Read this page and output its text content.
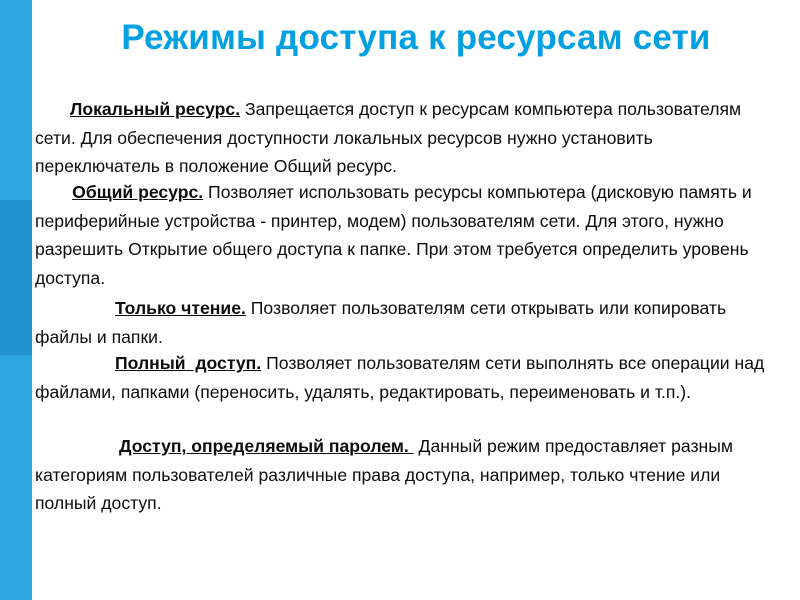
Режимы доступа к ресурсам сети
Локальный ресурс. Запрещается доступ к ресурсам компьютера пользователям сети. Для обеспечения доступности локальных ресурсов нужно установить переключатель в положение Общий ресурс.
Общий ресурс. Позволяет использовать ресурсы компьютера (дисковую память и периферийные устройства - принтер, модем) пользователям сети. Для этого, нужно разрешить Открытие общего доступа к папке. При этом требуется определить уровень доступа.
Только чтение. Позволяет пользователям сети открывать или копировать файлы и папки.
Полный  доступ. Позволяет пользователям сети выполнять все операции над файлами, папками (переносить, удалять, редактировать, переименовать и т.п.).
Доступ, определяемый паролем.  Данный режим предоставляет разным категориям пользователей различные права доступа, например, только чтение или полный доступ.
